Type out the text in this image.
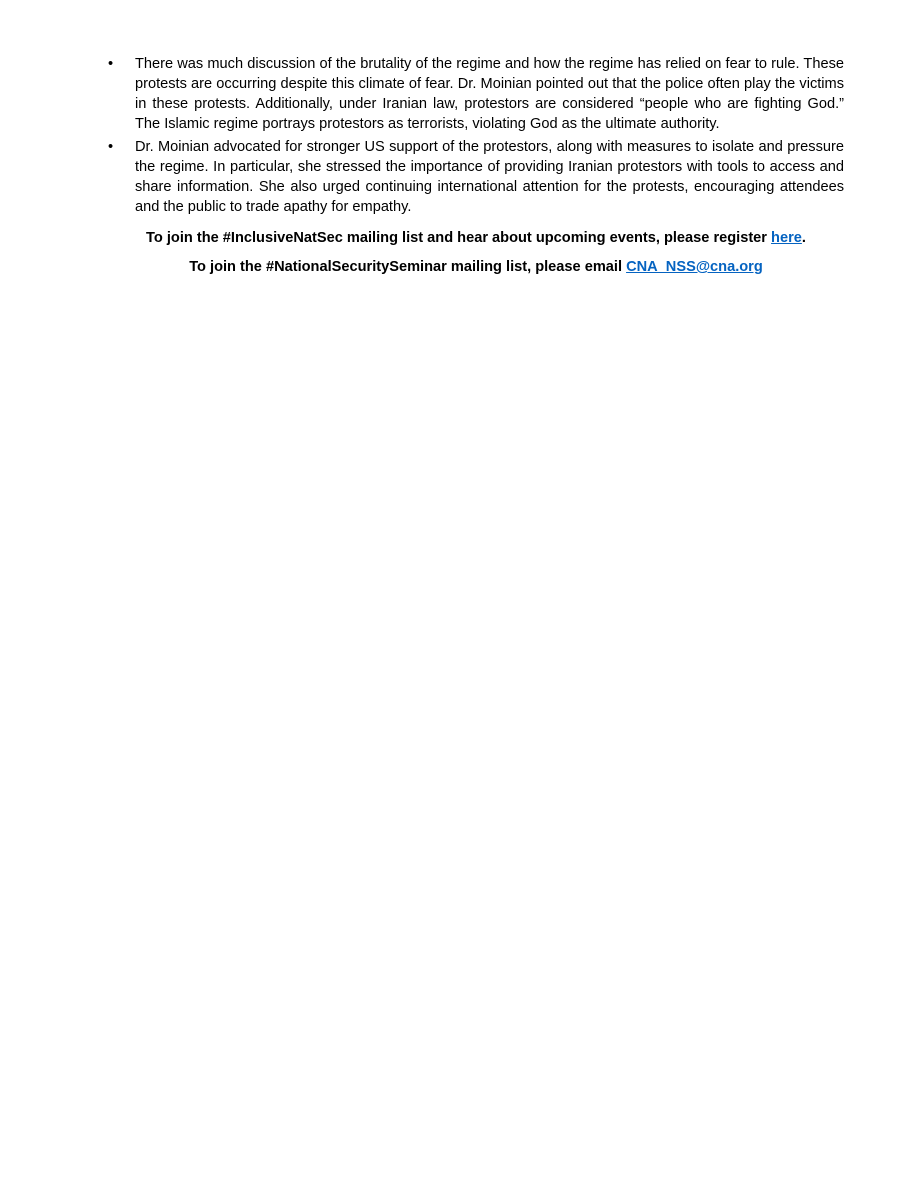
•	There was much discussion of the brutality of the regime and how the regime has relied on fear to rule. These protests are occurring despite this climate of fear. Dr. Moinian pointed out that the police often play the victims in these protests. Additionally, under Iranian law, protestors are considered “people who are fighting God.” The Islamic regime portrays protestors as terrorists, violating God as the ultimate authority.
•	Dr. Moinian advocated for stronger US support of the protestors, along with measures to isolate and pressure the regime. In particular, she stressed the importance of providing Iranian protestors with tools to access and share information. She also urged continuing international attention for the protests, encouraging attendees and the public to trade apathy for empathy.
To join the #InclusiveNatSec mailing list and hear about upcoming events, please register here.
To join the #NationalSecuritySeminar mailing list, please email CNA_NSS@cna.org
